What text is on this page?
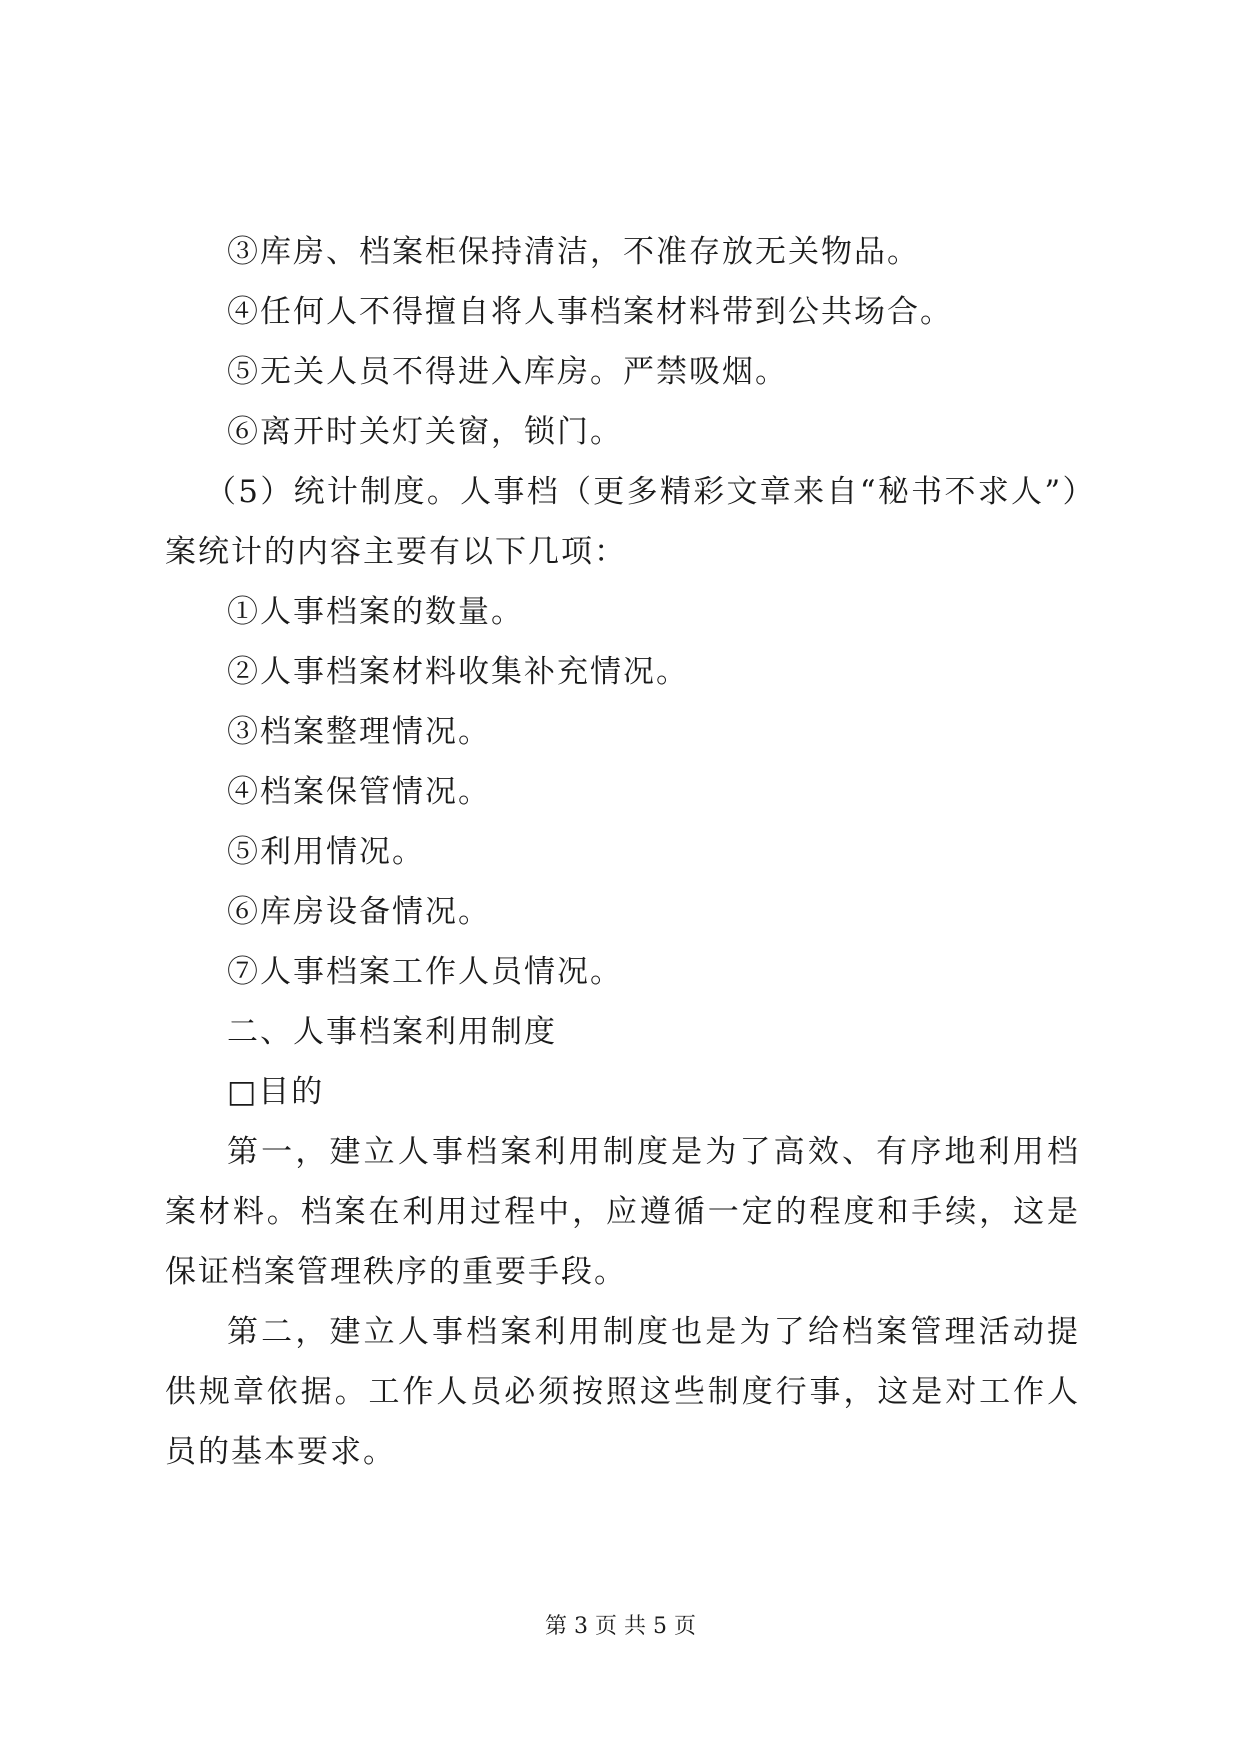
③库房、档案柜保持清洁，不准存放无关物品。

④任何人不得擅自将人事档案材料带到公共场合。

⑤无关人员不得进入库房。严禁吸烟。

⑥离开时关灯关窗，锁门。

（5）统计制度。人事档（更多精彩文章来自“秘书不求人”）案统计的内容主要有以下几项：

①人事档案的数量。

②人事档案材料收集补充情况。

③档案整理情况。

④档案保管情况。

⑤利用情况。

⑥库房设备情况。

⑦人事档案工作人员情况。

二、人事档案利用制度

□目的

第一，建立人事档案利用制度是为了高效、有序地利用档案材料。档案在利用过程中，应遵循一定的程度和手续，这是保证档案管理秩序的重要手段。

第二，建立人事档案利用制度也是为了给档案管理活动提供规章依据。工作人员必须按照这些制度行事，这是对工作人员的基本要求。

第 3 页 共 5 页
